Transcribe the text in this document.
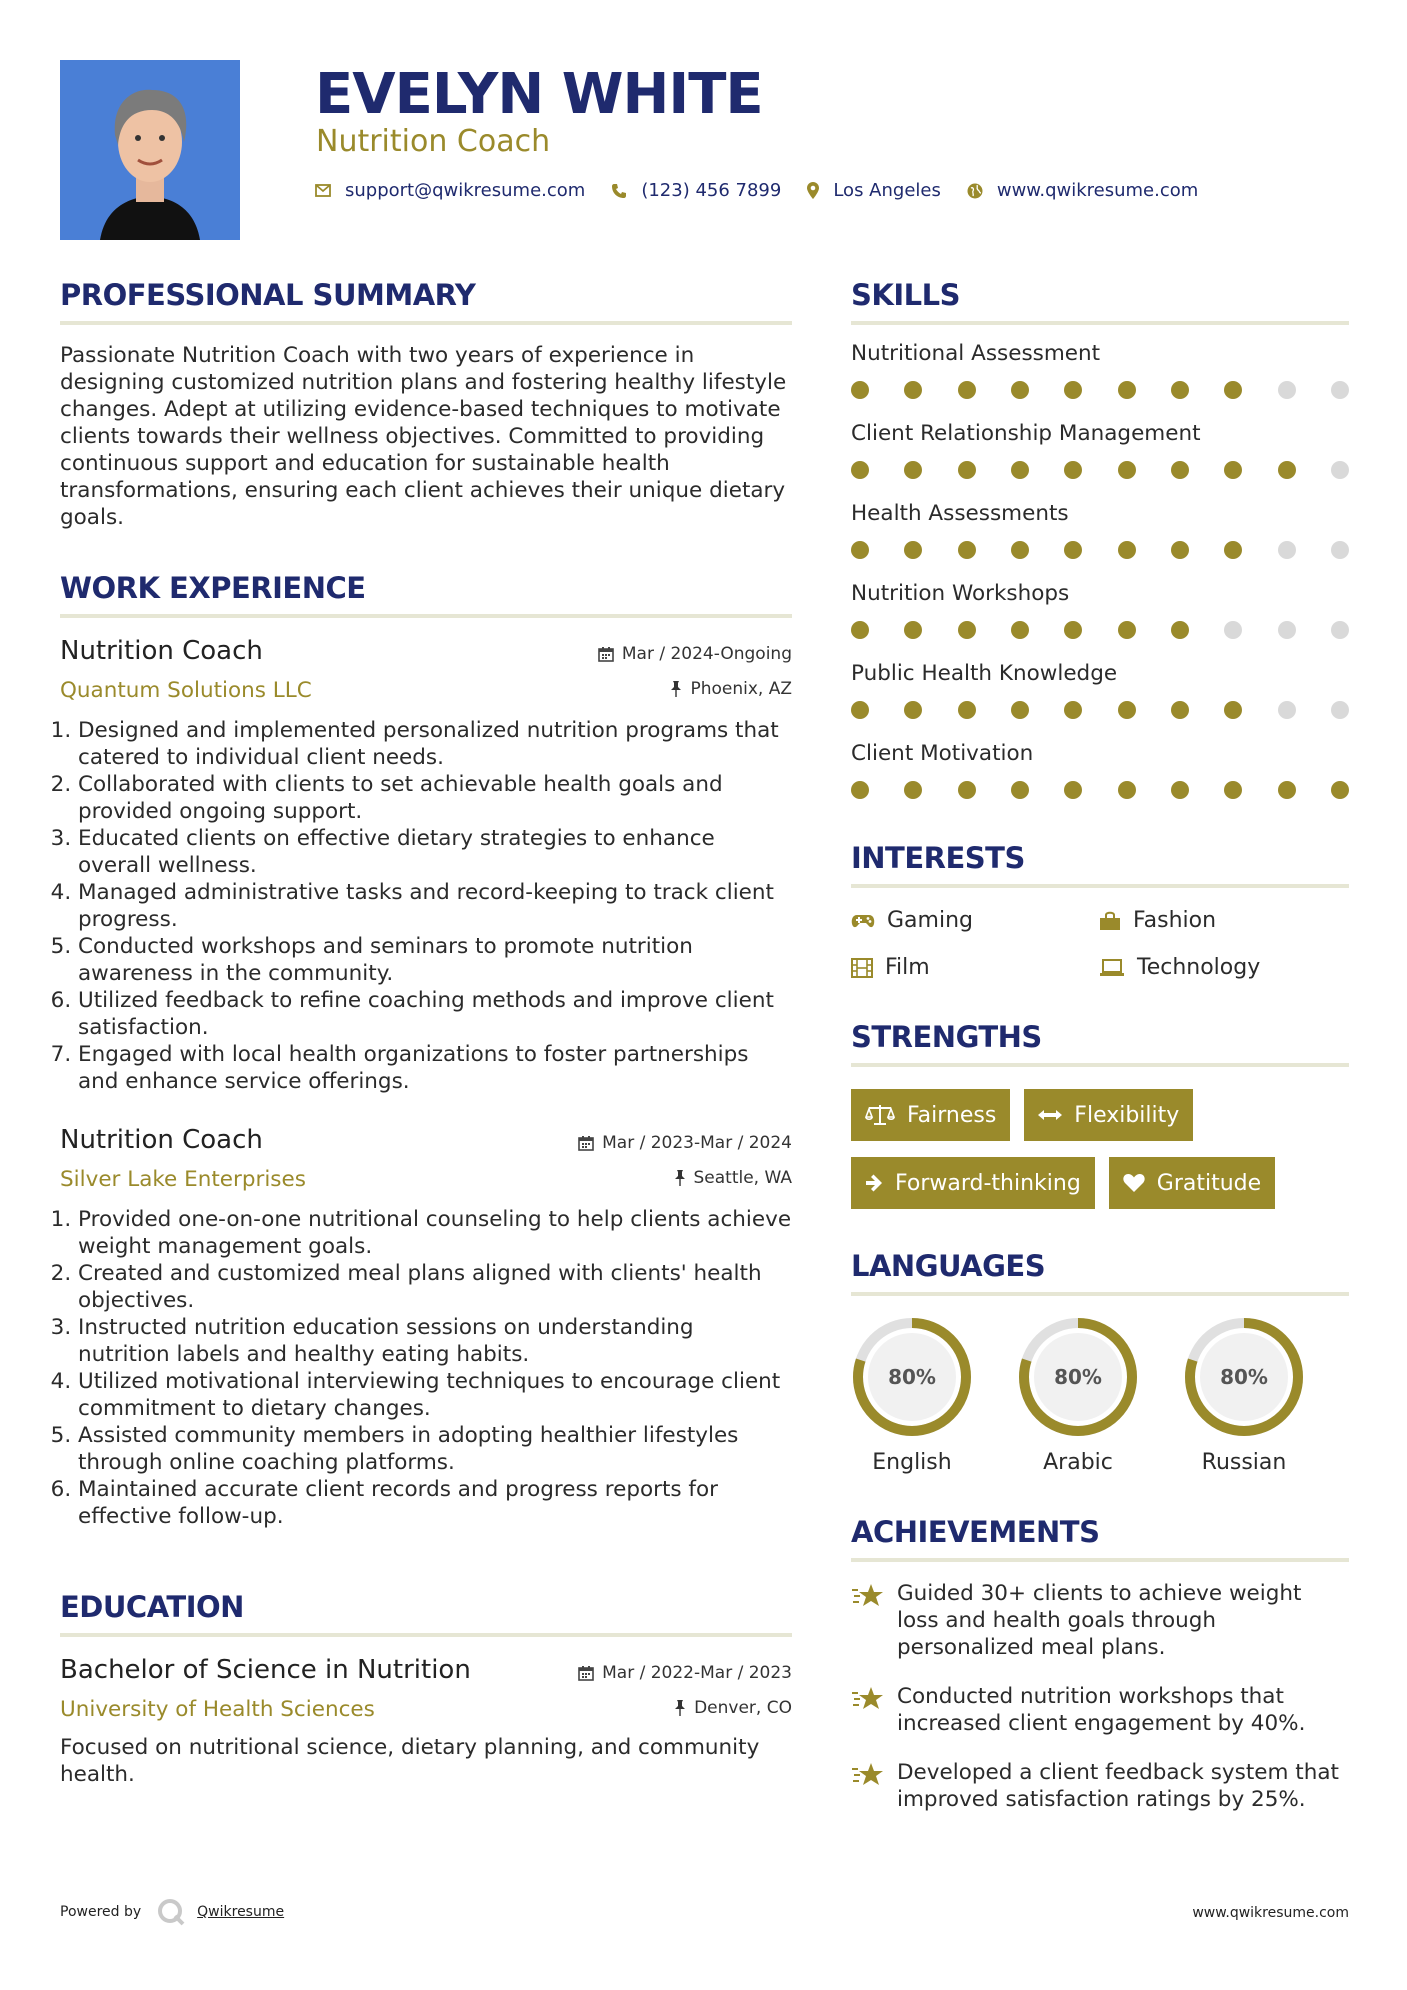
EVELYN WHITE
Nutrition Coach
support@qwikresume.com	(123) 456 7899	Los Angeles	www.qwikresume.com
PROFESSIONAL SUMMARY
Passionate Nutrition Coach with two years of experience in designing customized nutrition plans and fostering healthy lifestyle changes. Adept at utilizing evidence-based techniques to motivate clients towards their wellness objectives. Committed to providing continuous support and education for sustainable health transformations, ensuring each client achieves their unique dietary goals.
WORK EXPERIENCE
Mar / 2024-Ongoing
Phoenix, AZ
Nutrition Coach
Quantum Solutions LLC
1. Designed and implemented personalized nutrition programs that catered to individual client needs.
2. Collaborated with clients to set achievable health goals and provided ongoing support.
3. Educated clients on effective dietary strategies to enhance overall wellness.
4. Managed administrative tasks and record-keeping to track client progress.
5. Conducted workshops and seminars to promote nutrition awareness in the community.
6. Utilized feedback to refine coaching methods and improve client satisfaction.
7. Engaged with local health organizations to foster partnerships and enhance service offerings.
Mar / 2023-Mar / 2024
Seattle, WA
Nutrition Coach
Silver Lake Enterprises
1. Provided one-on-one nutritional counseling to help clients achieve weight management goals.
2. Created and customized meal plans aligned with clients' health objectives.
3. Instructed nutrition education sessions on understanding nutrition labels and healthy eating habits.
4. Utilized motivational interviewing techniques to encourage client commitment to dietary changes.
5. Assisted community members in adopting healthier lifestyles through online coaching platforms.
6. Maintained accurate client records and progress reports for effective follow-up.
EDUCATION
Mar / 2022-Mar / 2023
Denver, CO
Bachelor of Science in Nutrition
University of Health Sciences
Focused on nutritional science, dietary planning, and community health.
SKILLS
Nutritional Assessment
Client Relationship Management
Health Assessments
Nutrition Workshops
Public Health Knowledge
Client Motivation
INTERESTS
Gaming	Fashion
Film	Technology
STRENGTHS
Fairness	Flexibility
Forward-thinking	Gratitude
LANGUAGES
80%
English
80%
Arabic
80%
Russian
ACHIEVEMENTS
Guided 30+ clients to achieve weight loss and health goals through personalized meal plans.
Conducted nutrition workshops that increased client engagement by 40%.
Developed a client feedback system that improved satisfaction ratings by 25%.
Powered by	Qwikresume	www.qwikresume.com
